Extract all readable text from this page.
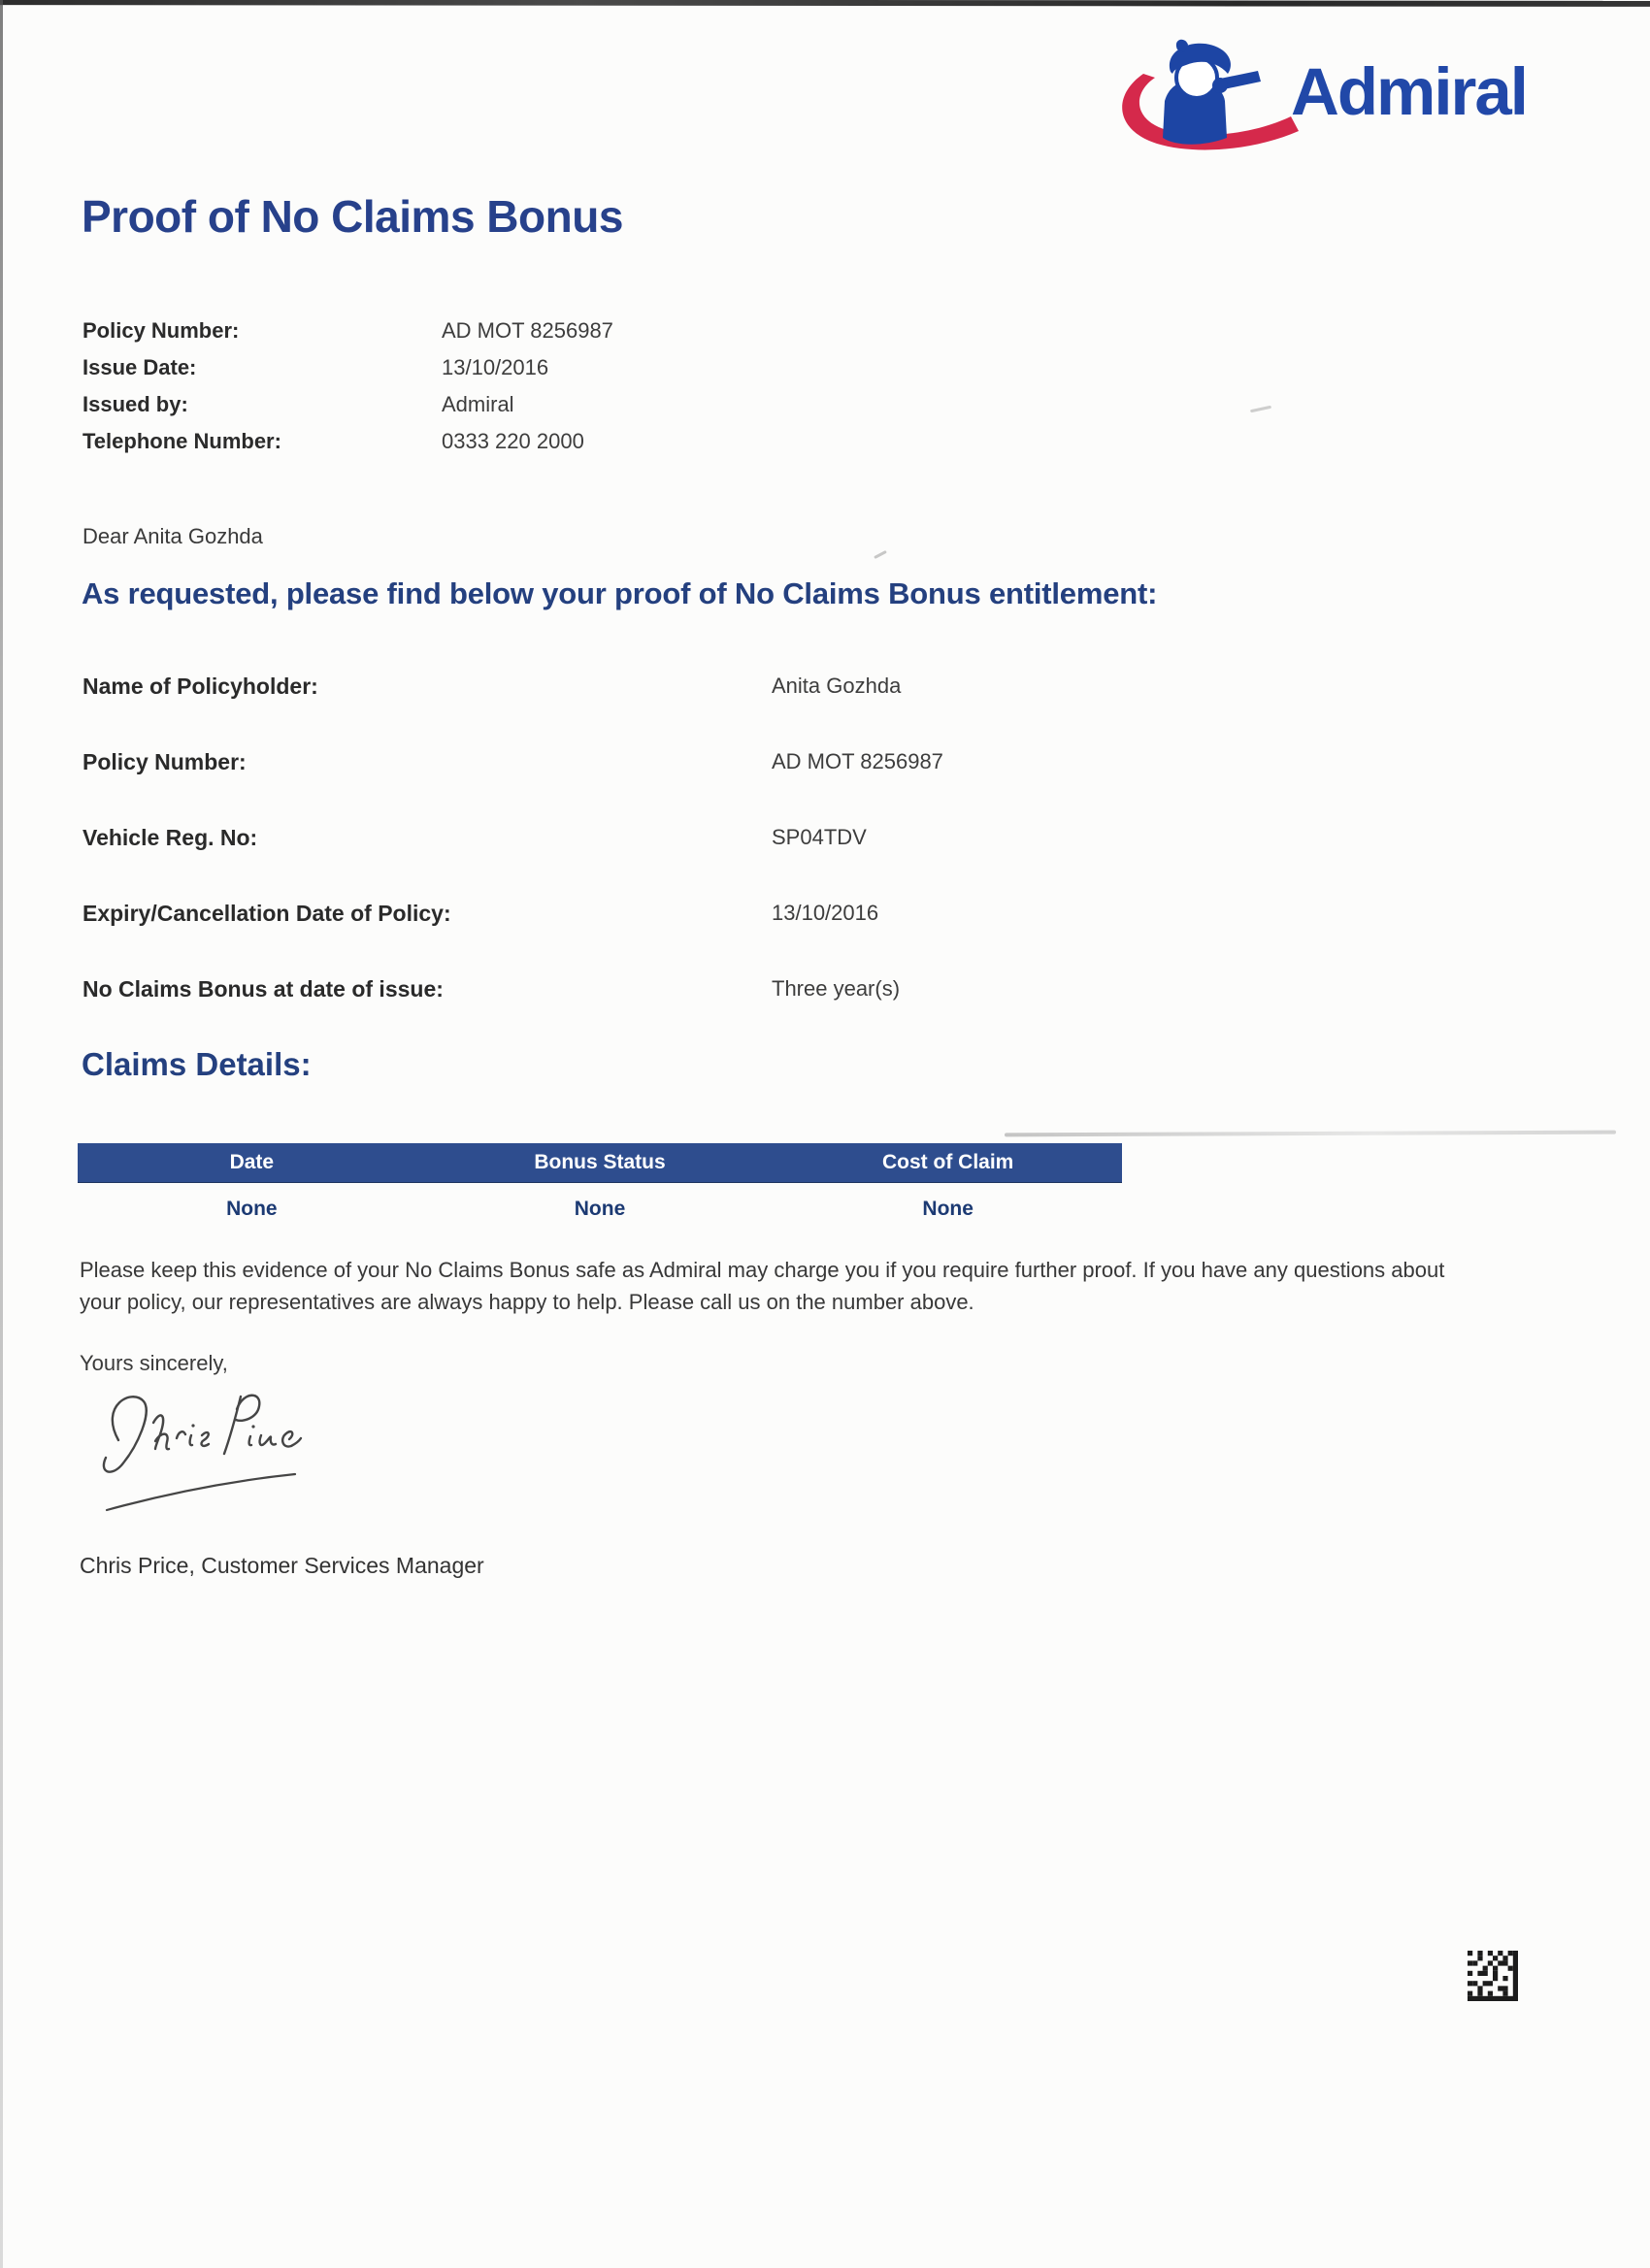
Admiral
Proof of No Claims Bonus
Policy Number:	AD MOT 8256987
Issue Date:	13/10/2016
Issued by:	Admiral
Telephone Number:	0333 220 2000

Dear Anita Gozhda

As requested, please find below your proof of No Claims Bonus entitlement:
Name of Policyholder:	Anita Gozhda
Policy Number:	AD MOT 8256987
Vehicle Reg. No:	SP04TDV
Expiry/Cancellation Date of Policy:	13/10/2016
No Claims Bonus at date of issue:	Three year(s)
Claims Details:
Date	Bonus Status	Cost of Claim
None	None	None

Please keep this evidence of your No Claims Bonus safe as Admiral may charge you if you require further proof. If you have any questions about your policy, our representatives are always happy to help. Please call us on the number above.

Yours sincerely,

Chris Price, Customer Services Manager
